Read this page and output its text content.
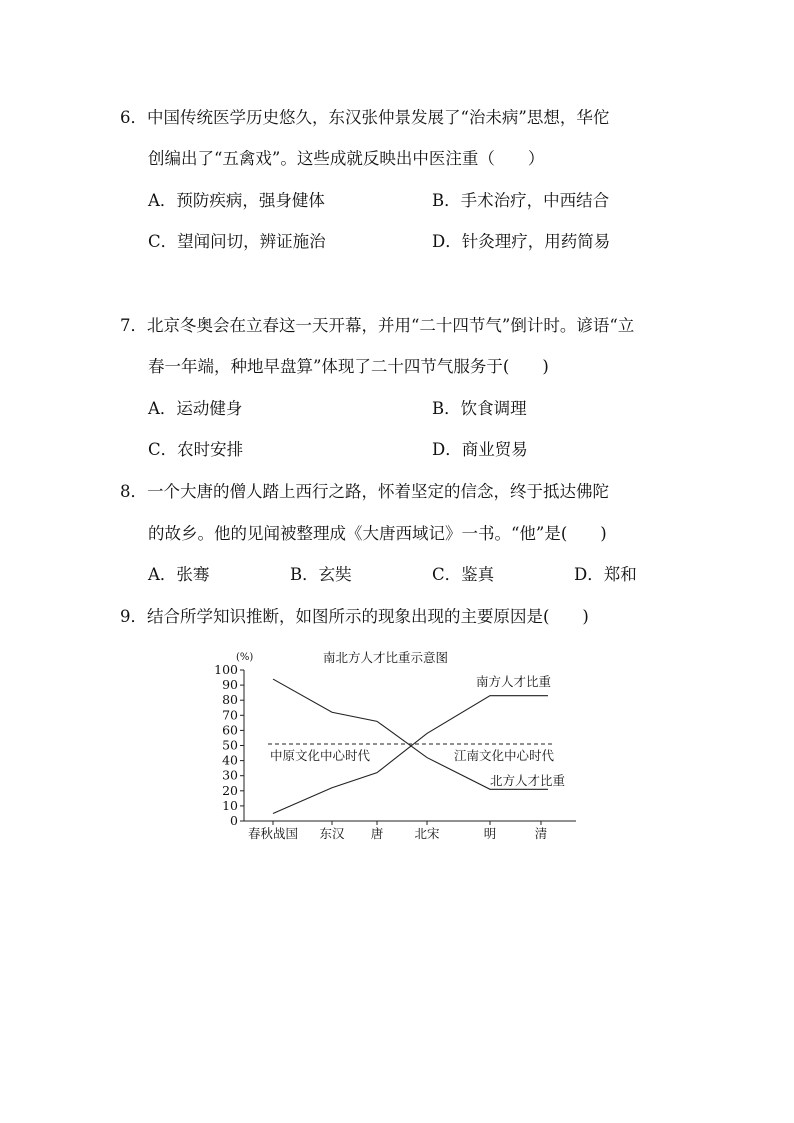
6．中国传统医学历史悠久，东汉张仲景发展了“治未病”思想，华佗
创编出了“五禽戏”。这些成就反映出中医注重（　　）
A．预防疾病，强身健体	B．手术治疗，中西结合
C．望闻问切，辨证施治	D．针灸理疗，用药简易
7．北京冬奥会在立春这一天开幕，并用“二十四节气”倒计时。谚语“立
春一年端，种地早盘算”体现了二十四节气服务于(　　)
A．运动健身	B．饮食调理
C．农时安排	D．商业贸易
8．一个大唐的僧人踏上西行之路，怀着坚定的信念，终于抵达佛陀
的故乡。他的见闻被整理成《大唐西域记》一书。“他”是(　　)
A．张骞	B．玄奘	C．鉴真	D．郑和
9．结合所学知识推断，如图所示的现象出现的主要原因是(　　)
0
10
20
30
40
50
60
70
80
90
100
春秋战国 东汉 唐 北宋	明	清
南北方人才比重示意图
(%)
中原文化中心时代	江南文化中心时代
南方人才比重
北方人才比重
